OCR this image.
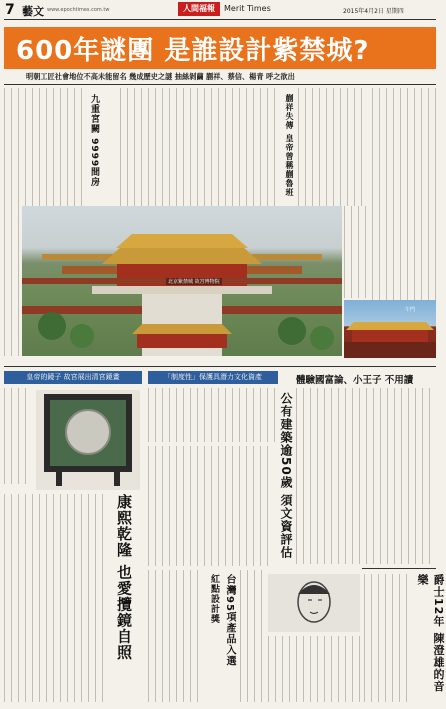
7 藝文 www.epochtimes.com.tw	人間福報	Merit Times	2015年4月2日 星期四
600年謎團 是誰設計紫禁城?
明朝工匠社會地位不高未能留名 幾成歷史之謎 抽絲剝繭 蒯祥、蔡信、楊青 呼之欲出
九重宮闕 9999間房	蒯祥失傳 皇帝曾稱蒯魯班
北京紫禁城 故宮博物院
午門
皇帝的鏡子 故宮展出清宮鏡畫
康熙乾隆 也愛攬鏡自照
「制度性」保護具潛力文化資產
公有建築逾50歲 須文資評估
紅點設計獎 台灣95項產品入選
體驗國富論、小王子 不用讀
爵士12年 陳澄雄的音樂
